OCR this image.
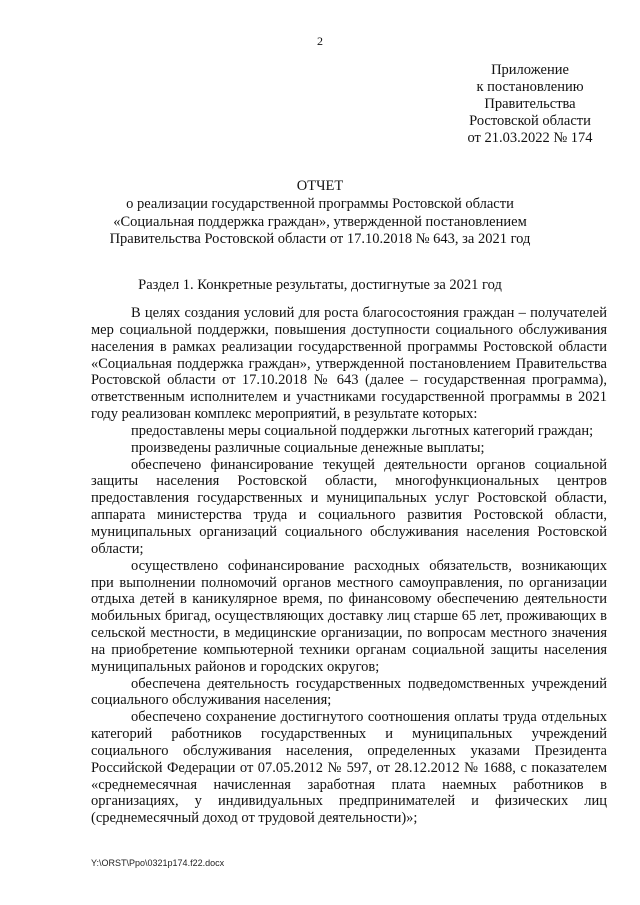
2
Приложение
к постановлению
Правительства
Ростовской области
от 21.03.2022 № 174
ОТЧЕТ
о реализации государственной программы Ростовской области
«Социальная поддержка граждан», утвержденной постановлением
Правительства Ростовской области от 17.10.2018 № 643, за 2021 год
Раздел 1. Конкретные результаты, достигнутые за 2021 год

В целях создания условий для роста благосостояния граждан – получателей мер социальной поддержки, повышения доступности социального обслуживания населения в рамках реализации государственной программы Ростовской области «Социальная поддержка граждан», утвержденной постановлением Правительства Ростовской области от 17.10.2018 № 643 (далее – государственная программа), ответственным исполнителем и участниками государственной программы в 2021 году реализован комплекс мероприятий, в результате которых:

предоставлены меры социальной поддержки льготных категорий граждан;

произведены различные социальные денежные выплаты;

обеспечено финансирование текущей деятельности органов социальной защиты населения Ростовской области, многофункциональных центров предоставления государственных и муниципальных услуг Ростовской области, аппарата министерства труда и социального развития Ростовской области, муниципальных организаций социального обслуживания населения Ростовской области;

осуществлено софинансирование расходных обязательств, возникающих при выполнении полномочий органов местного самоуправления, по организации отдыха детей в каникулярное время, по финансовому обеспечению деятельности мобильных бригад, осуществляющих доставку лиц старше 65 лет, проживающих в сельской местности, в медицинские организации, по вопросам местного значения на приобретение компьютерной техники органам социальной защиты населения муниципальных районов и городских округов;

обеспечена деятельность государственных подведомственных учреждений социального обслуживания населения;

обеспечено сохранение достигнутого соотношения оплаты труда отдельных категорий работников государственных и муниципальных учреждений социального обслуживания населения, определенных указами Президента Российской Федерации от 07.05.2012 № 597, от 28.12.2012 № 1688, с показателем «среднемесячная начисленная заработная плата наемных работников в организациях, у индивидуальных предпринимателей и физических лиц (среднемесячный доход от трудовой деятельности)»;

Y:\ORST\Ppo\0321p174.f22.docx
